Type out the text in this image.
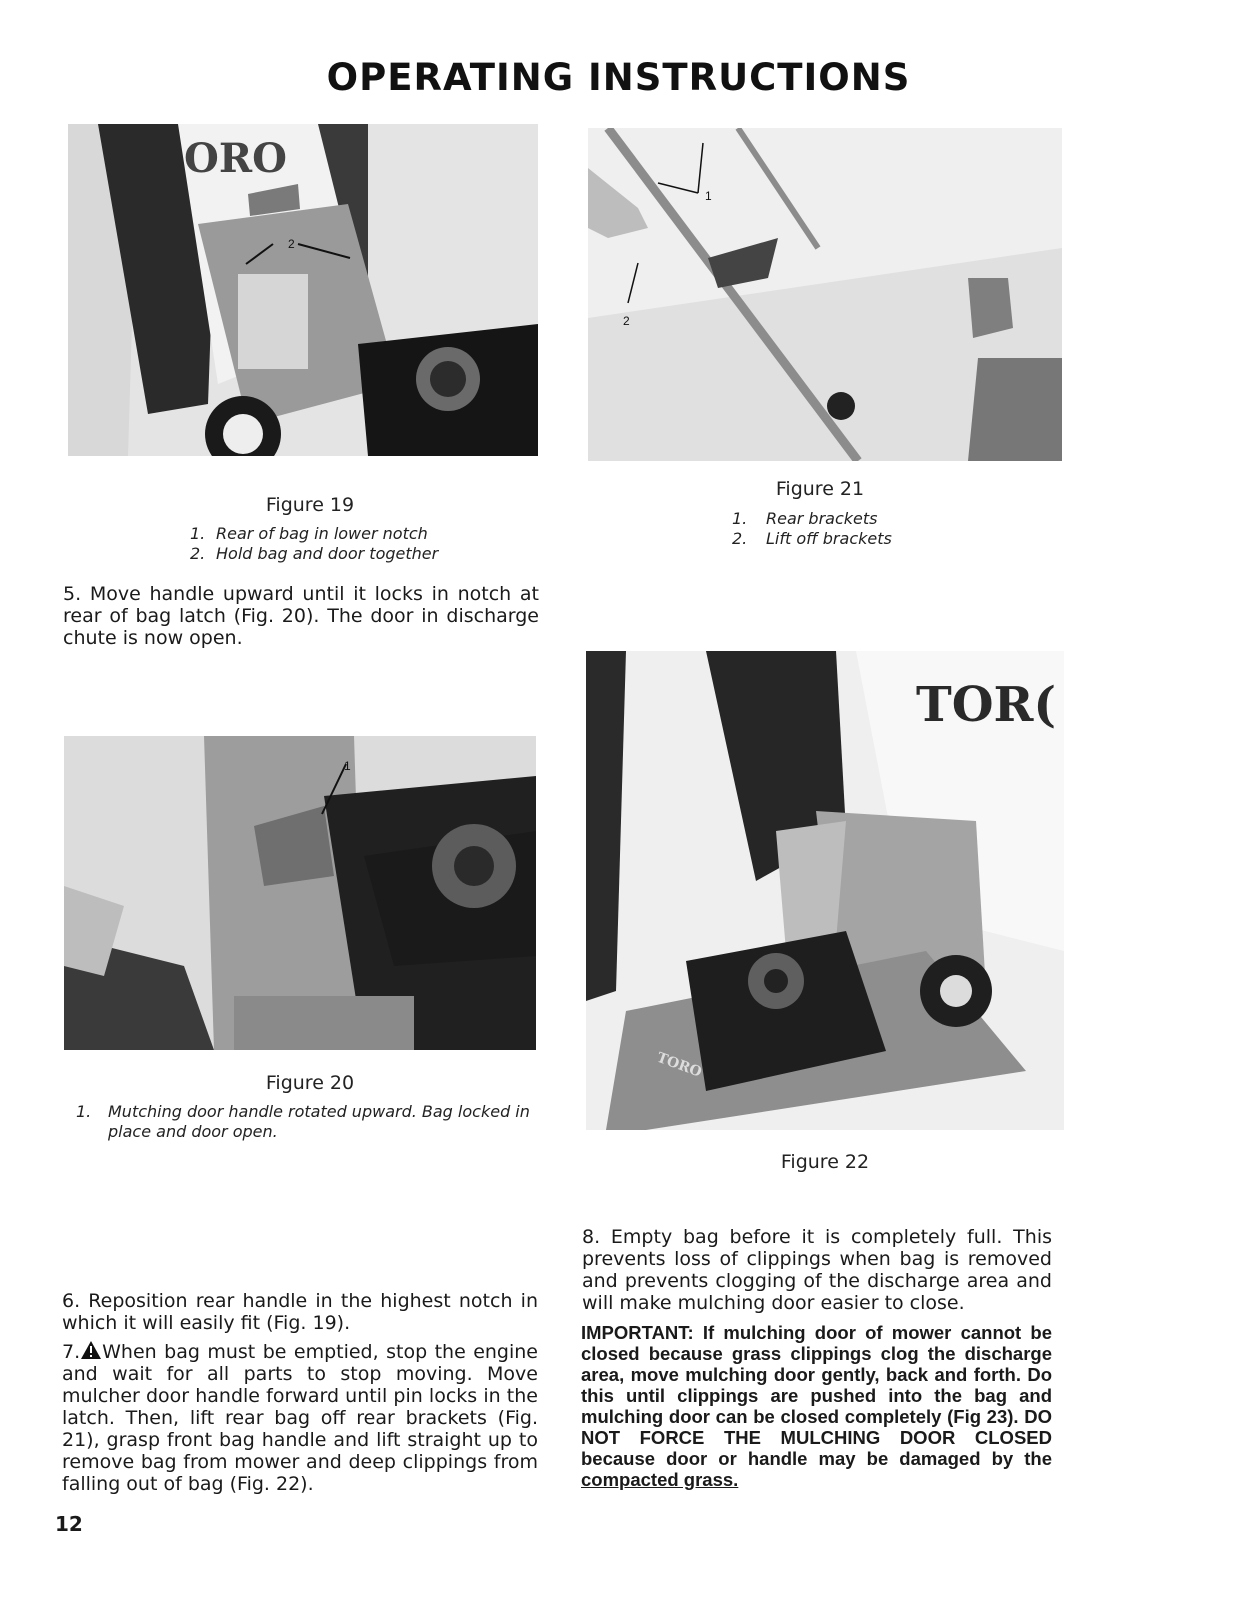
OPERATING INSTRUCTIONS
ORO
2
1
2
Figure 19
1. Rear of bag in lower notch
2. Hold bag and door together
Figure 21
1.	Rear brackets
2.	Lift off brackets
5. Move handle upward until it locks in notch at rear of bag latch (Fig. 20). The door in discharge chute is now open.
1
TOR(
TORO
Figure 20
1.	Mutching door handle rotated upward. Bag locked in place and door open.
Figure 22
6. Reposition rear handle in the highest notch in which it will easily fit (Fig. 19).
7. When bag must be emptied, stop the engine and wait for all parts to stop moving. Move mulcher door handle forward until pin locks in the latch. Then, lift rear bag off rear brackets (Fig. 21), grasp front bag handle and lift straight up to remove bag from mower and deep clippings from falling out of bag (Fig. 22).
8. Empty bag before it is completely full. This prevents loss of clippings when bag is removed and prevents clogging of the discharge area and will make mulching door easier to close.
IMPORTANT: If mulching door of mower cannot be closed because grass clippings clog the discharge area, move mulching door gently, back and forth. Do this until clippings are pushed into the bag and mulching door can be closed completely (Fig 23). DO NOT FORCE THE MULCHING DOOR CLOSED because door or handle may be damaged by the compacted grass.
12
